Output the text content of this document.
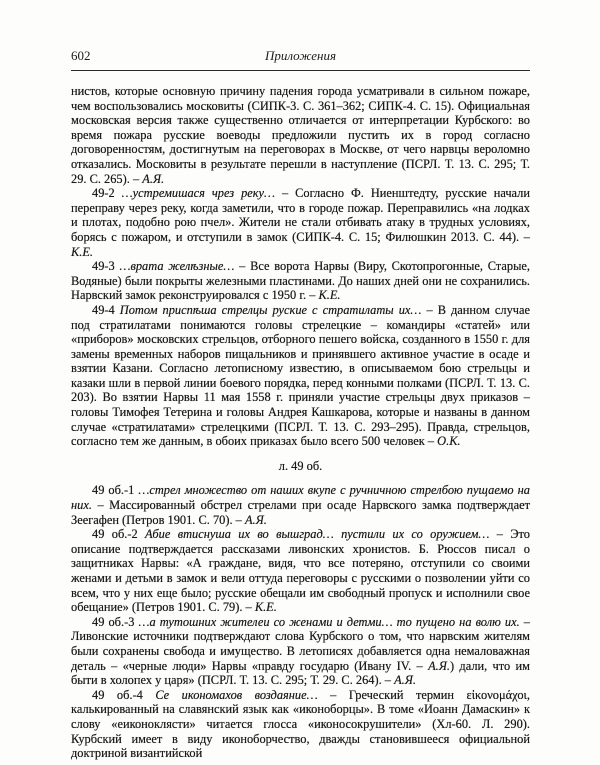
602	Приложения

нистов, которые основную причину падения города усматривали в сильном пожаре, чем воспользовались московиты (СИПК-3. С. 361–362; СИПК-4. С. 15). Официальная московская версия также существенно отличается от интерпретации Курбского: во время пожара русские воеводы предложили пустить их в город согласно договоренностям, достигнутым на переговорах в Москве, от чего нарвцы вероломно отказались. Московиты в результате перешли в наступление (ПСРЛ. Т. 13. С. 295; Т. 29. С. 265). – А.Я.

49-2 …устремишася чрез реку… – Согласно Ф. Ниенштедту, русские начали переправу через реку, когда заметили, что в городе пожар. Переправились «на лодках и плотах, подобно рою пчел». Жители не стали отбивать атаку в трудных условиях, борясь с пожаром, и отступили в замок (СИПК-4. С. 15; Филюшкин 2013. С. 44). – К.Е.

49-3 …врата желѣзные… – Все ворота Нарвы (Виру, Скотопрогонные, Старые, Водяные) были покрыты железными пластинами. До наших дней они не сохранились. Нарвский замок реконструировался с 1950 г. – К.Е.

49-4 Потом приспѣша стрелцы руские с стратилаты их… – В данном случае под стратилатами понимаются головы стрелецкие – командиры «статей» или «приборов» московских стрельцов, отборного пешего войска, созданного в 1550 г. для замены временных наборов пищальников и принявшего активное участие в осаде и взятии Казани. Согласно летописному известию, в описываемом бою стрельцы и казаки шли в первой линии боевого порядка, перед конными полками (ПСРЛ. Т. 13. С. 203). Во взятии Нарвы 11 мая 1558 г. приняли участие стрельцы двух приказов – головы Тимофея Тетерина и головы Андрея Кашкарова, которые и названы в данном случае «стратилатами» стрелецкими (ПСРЛ. Т. 13. С. 293–295). Правда, стрельцов, согласно тем же данным, в обоих приказах было всего 500 человек – О.К.

л. 49 об.

49 об.-1 …стрел множество от наших вкупе с ручничною стрелбою пущаемо на них. – Массированный обстрел стрелами при осаде Нарвского замка подтверждает Зеегафен (Петров 1901. С. 70). – А.Я.

49 об.-2 Абие втиснуша их во вышград… пустили их со оружием… – Это описание подтверждается рассказами ливонских хронистов. Б. Рюссов писал о защитниках Нарвы: «А граждане, видя, что все потеряно, отступили со своими женами и детьми в замок и вели оттуда переговоры с русскими о позволении уйти со всем, что у них еще было; русские обещали им свободный пропуск и исполнили свое обещание» (Петров 1901. С. 79). – К.Е.

49 об.-3 …а тутошних жителеи со женами и детми… то пущено на волю их. – Ливонские источники подтверждают слова Курбского о том, что нарвским жителям были сохранены свобода и имущество. В летописях добавляется одна немаловажная деталь – «черные люди» Нарвы «правду государю (Ивану IV. – А.Я.) дали, что им быти в холопех у царя» (ПСРЛ. Т. 13. С. 295; Т. 29. С. 264). – А.Я.

49 об.-4 Се икономахов воздаяние… – Греческий термин εἰκονομάχοι, калькированный на славянский язык как «иконоборцы». В томе «Иоанн Дамаскин» к слову «еиконоклясти» читается глосса «иконосокрушители» (Хл-60. Л. 290). Курбский имеет в виду иконоборчество, дважды становившееся официальной доктриной византийской
